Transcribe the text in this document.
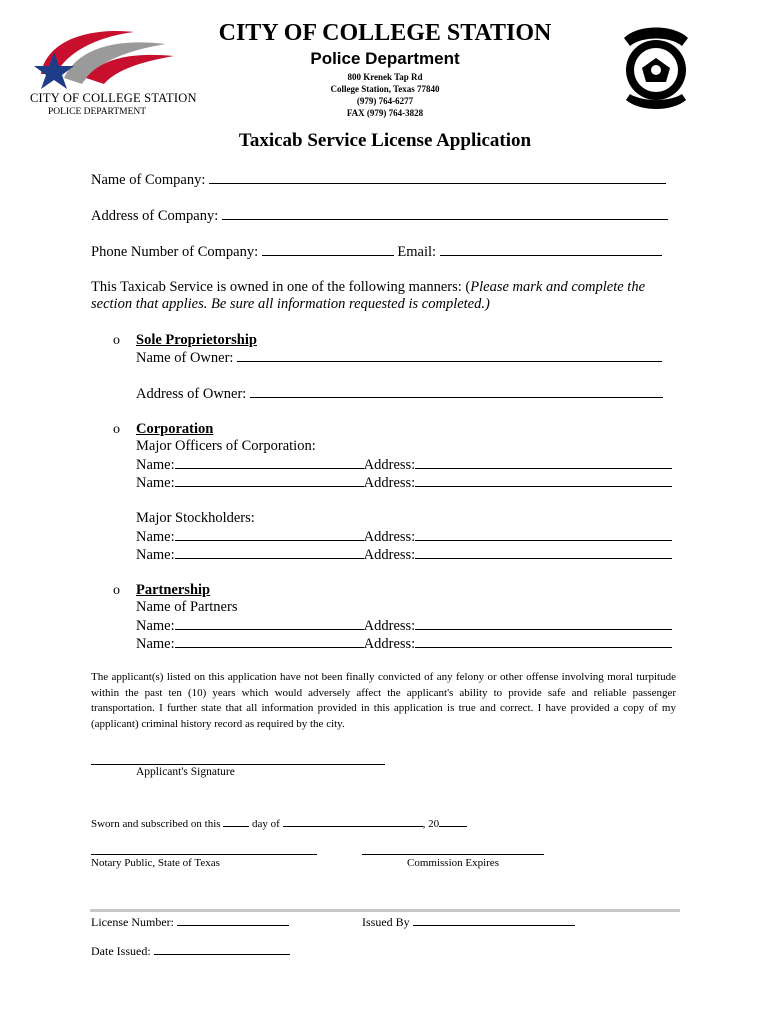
CITY OF COLLEGE STATION
POLICE DEPARTMENT
CITY OF COLLEGE STATION
Police Department
800 Krenek Tap Rd
College Station, Texas 77840
(979) 764-6277
FAX (979) 764-3828
Taxicab Service License Application
Name of Company:
Address of Company:
Phone Number of Company:	Email:
This Taxicab Service is owned in one of the following manners: (Please mark and complete the
section that applies. Be sure all information requested is completed.)
o Sole Proprietorship
Name of Owner:
Address of Owner:
o Corporation
Major Officers of Corporation:
Name:	Address:
Name:	Address:
Major Stockholders:
Name:	Address:
Name:	Address:
o Partnership
Name of Partners
Name:	Address:
Name:	Address:
The applicant(s) listed on this application have not been finally convicted of any felony or other offense involving moral turpitude within the past ten (10) years which would adversely affect the applicant's ability to provide safe and reliable passenger transportation. I further state that all information provided in this application is true and correct. I have provided a copy of my (applicant) criminal history record as required by the city.
Applicant's Signature
Sworn and subscribed on this	day of	, 20
Notary Public, State of Texas	Commission Expires
License Number:	Issued By
Date Issued:
